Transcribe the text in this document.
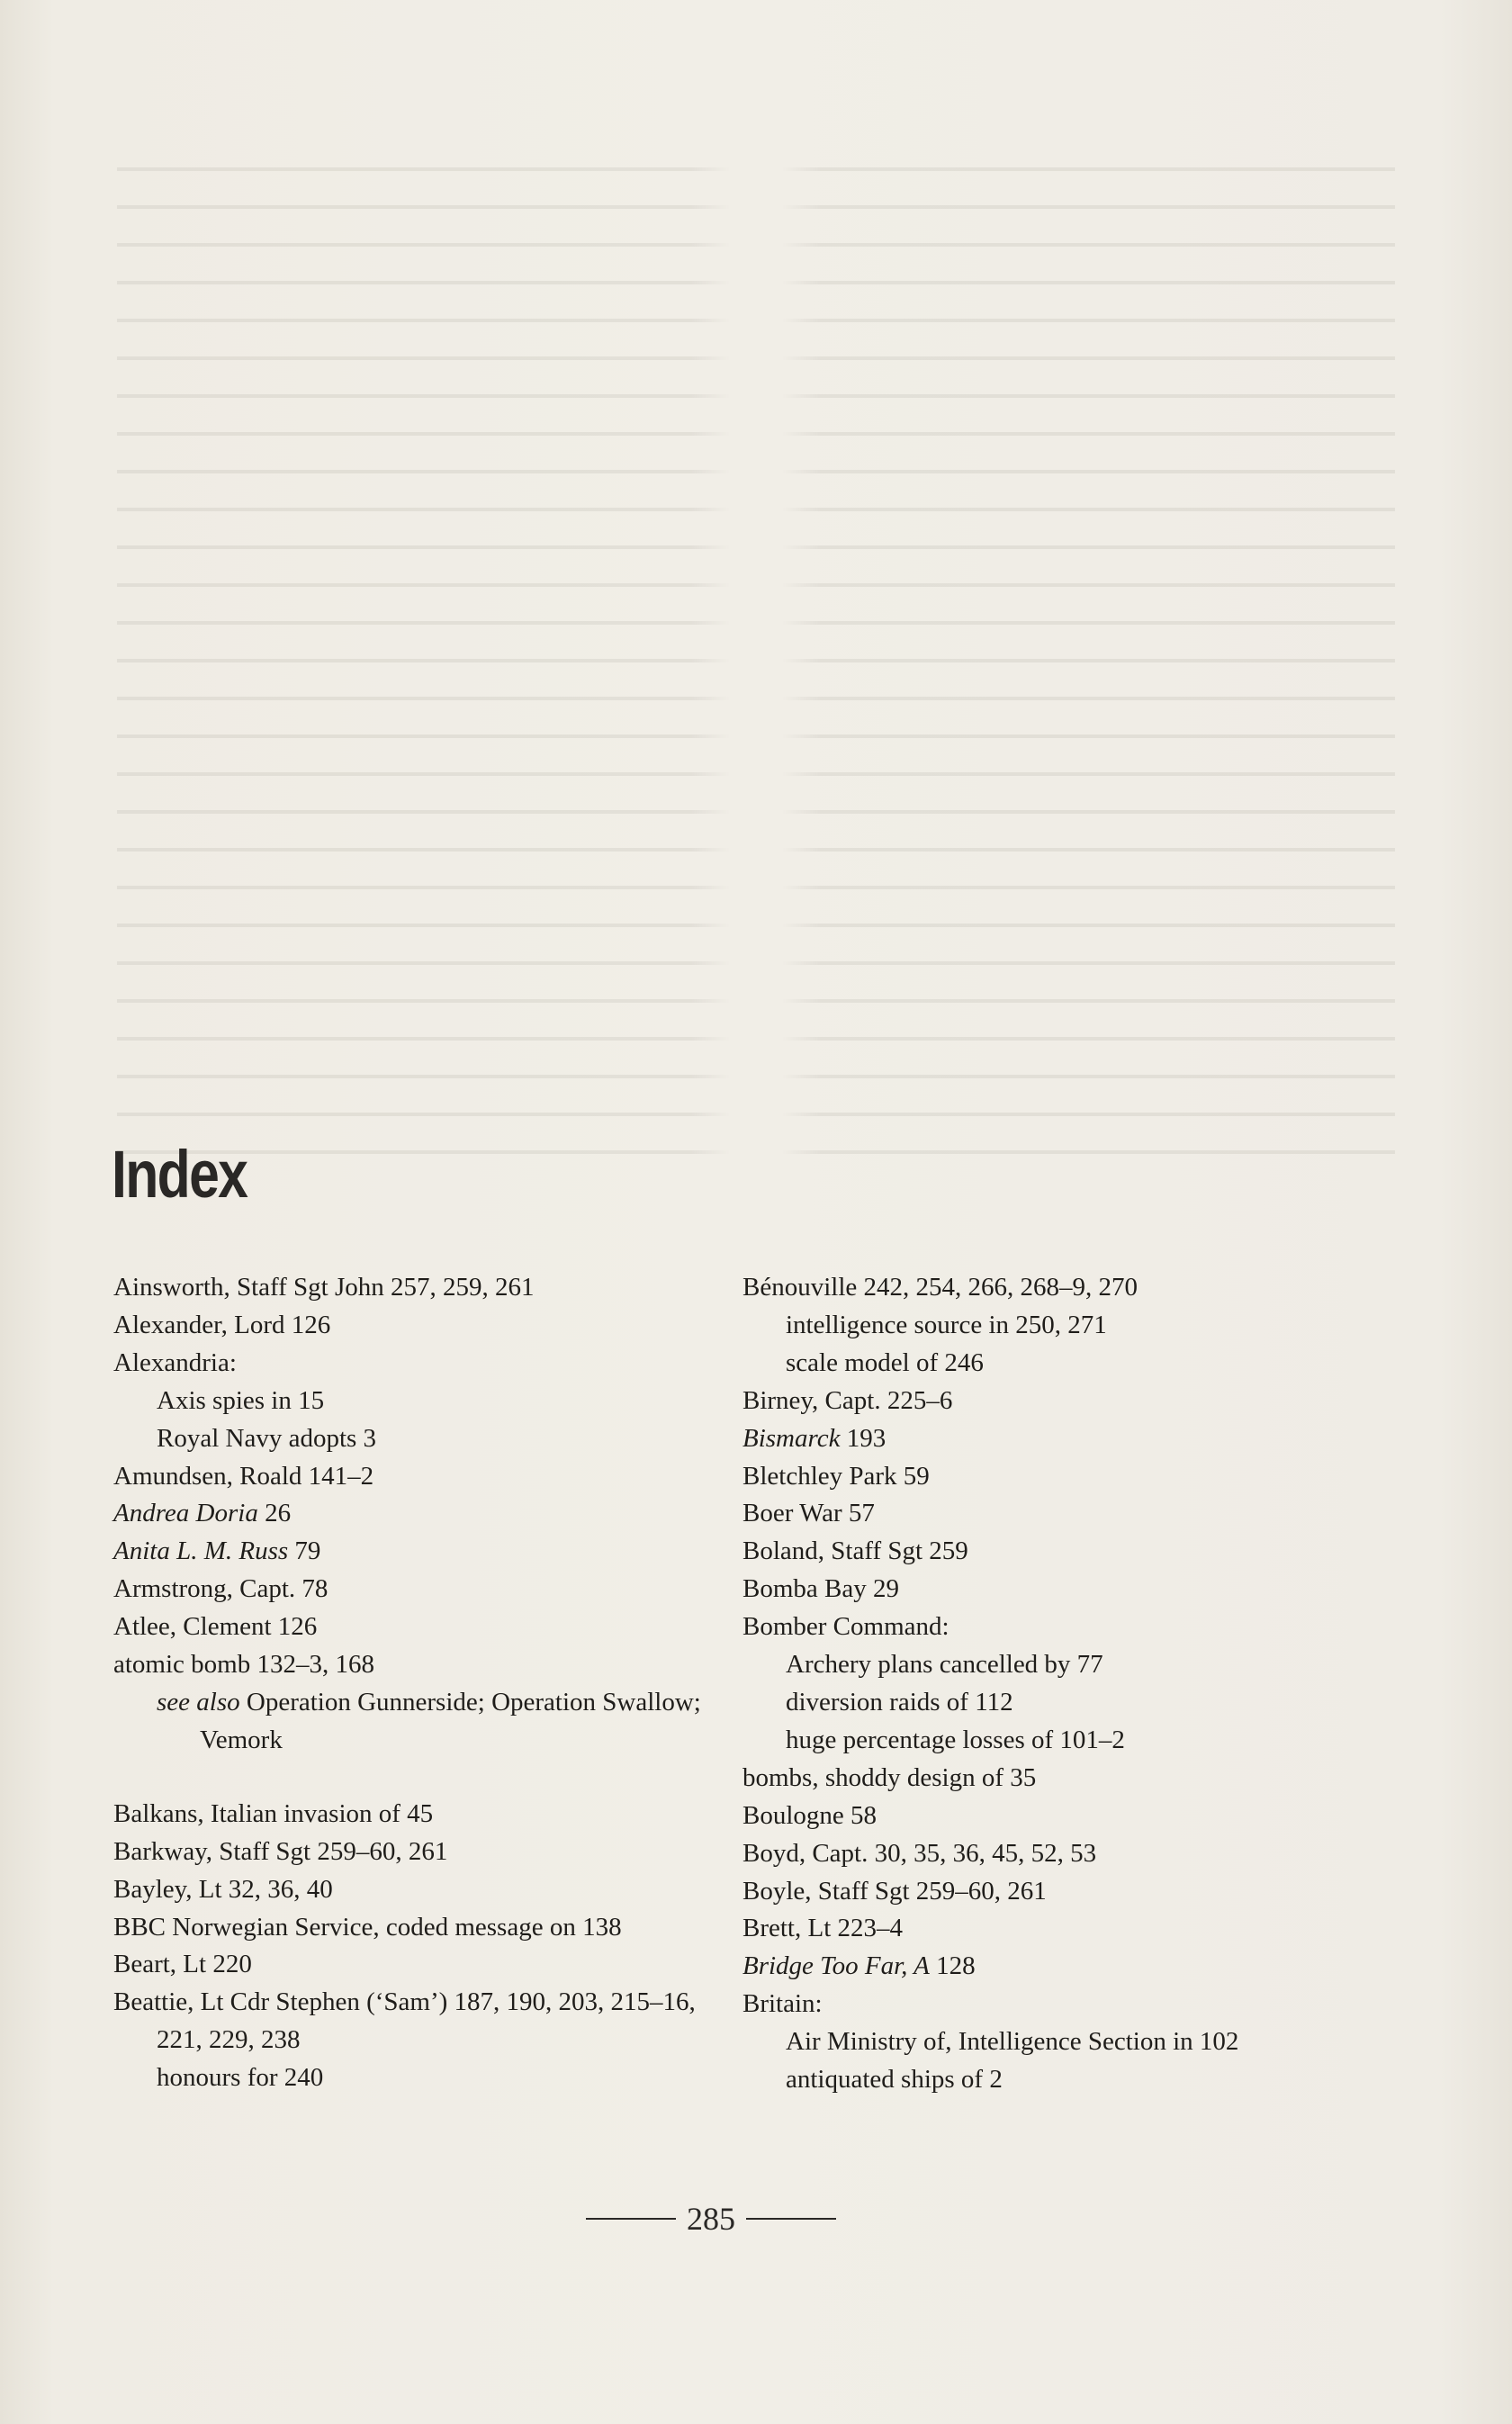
Index
Ainsworth, Staff Sgt John 257, 259, 261
Alexander, Lord 126
Alexandria:
Axis spies in 15
Royal Navy adopts 3
Amundsen, Roald 141–2
Andrea Doria 26
Anita L. M. Russ 79
Armstrong, Capt. 78
Atlee, Clement 126
atomic bomb 132–3, 168
see also Operation Gunnerside; Operation Swallow; Vemork
Balkans, Italian invasion of 45
Barkway, Staff Sgt 259–60, 261
Bayley, Lt 32, 36, 40
BBC Norwegian Service, coded message on 138
Beart, Lt 220
Beattie, Lt Cdr Stephen (‘Sam’) 187, 190, 203, 215–16, 221, 229, 238
honours for 240
Bénouville 242, 254, 266, 268–9, 270
intelligence source in 250, 271
scale model of 246
Birney, Capt. 225–6
Bismarck 193
Bletchley Park 59
Boer War 57
Boland, Staff Sgt 259
Bomba Bay 29
Bomber Command:
Archery plans cancelled by 77
diversion raids of 112
huge percentage losses of 101–2
bombs, shoddy design of 35
Boulogne 58
Boyd, Capt. 30, 35, 36, 45, 52, 53
Boyle, Staff Sgt 259–60, 261
Brett, Lt 223–4
Bridge Too Far, A 128
Britain:
Air Ministry of, Intelligence Section in 102
antiquated ships of 2
285
